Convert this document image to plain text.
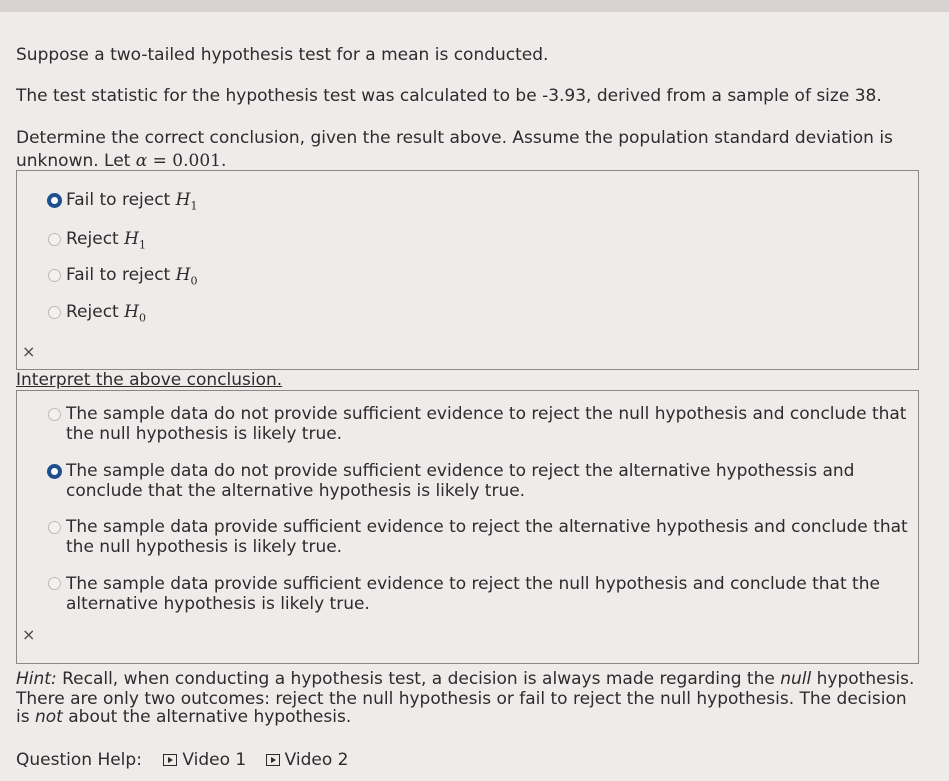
Suppose a two-tailed hypothesis test for a mean is conducted.
The test statistic for the hypothesis test was calculated to be -3.93, derived from a sample of size 38.
Determine the correct conclusion, given the result above. Assume the population standard deviation is
unknown. Let α = 0.001.
Fail to reject $H_1$
Reject $H_1$
Fail to reject $H_0$
Reject $H_0$
×
Interpret the above conclusion.
The sample data do not provide sufficient evidence to reject the null hypothesis and conclude that
the null hypothesis is likely true.
The sample data do not provide sufficient evidence to reject the alternative hypothessis and
conclude that the alternative hypothesis is likely true.
The sample data provide sufficient evidence to reject the alternative hypothesis and conclude that
the null hypothesis is likely true.
The sample data provide sufficient evidence to reject the null hypothesis and conclude that the
alternative hypothesis is likely true.
×
Hint: Recall, when conducting a hypothesis test, a decision is always made regarding the null hypothesis.
There are only two outcomes: reject the null hypothesis or fail to reject the null hypothesis. The decision
is not about the alternative hypothesis.
Question Help: Video 1 Video 2
